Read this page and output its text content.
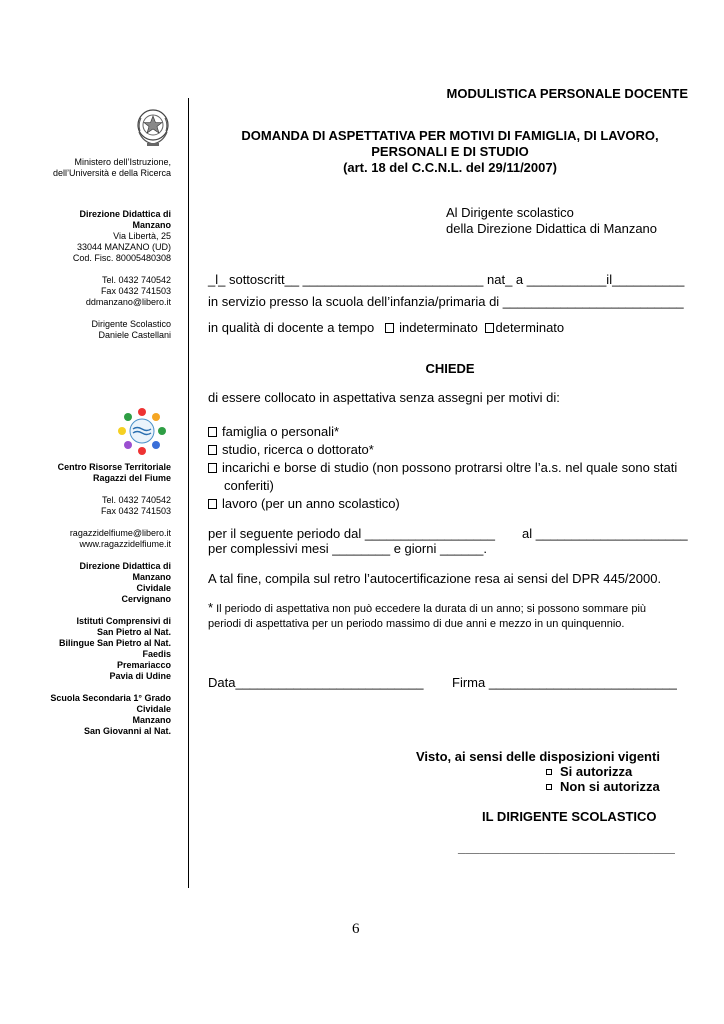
Ministero dell’Istruzione,
dell’Università e della Ricerca
Direzione Didattica di
Manzano
Via Libertà, 25
33044 MANZANO (UD)
Cod. Fisc. 80005480308
Tel. 0432 740542
Fax 0432 741503
ddmanzano@libero.it
Dirigente Scolastico
Daniele Castellani
Centro Risorse Territoriale
Ragazzi del Fiume
Tel. 0432 740542
Fax 0432 741503
ragazzidelfiume@libero.it
www.ragazzidelfiume.it
Direzione Didattica di
Manzano
Cividale
Cervignano
Istituti Comprensivi di
San Pietro al Nat.
Bilingue San Pietro al Nat.
Faedis
Premariacco
Pavia di Udine
Scuola Secondaria 1° Grado
Cividale
Manzano
San Giovanni al Nat.
MODULISTICA PERSONALE DOCENTE
DOMANDA DI ASPETTATIVA PER MOTIVI DI FAMIGLIA, DI LAVORO,
PERSONALI E DI STUDIO
(art. 18 del C.C.N.L. del 29/11/2007)
Al Dirigente scolastico
della Direzione Didattica di Manzano
_l_ sottoscritt__ _________________________ nat_ a ___________il__________
in servizio presso la scuola dell’infanzia/primaria di _________________________
in qualità di docente a tempo indeterminato determinato
CHIEDE
di essere collocato in aspettativa senza assegni per motivi di:
famiglia o personali*
studio, ricerca o dottorato*
incarichi e borse di studio (non possono protrarsi oltre l’a.s. nel quale sono stati
conferiti)
lavoro (per un anno scolastico)
per il seguente periodo dal __________________ al _____________________
per complessivi mesi ________ e giorni ______.
A tal fine, compila sul retro l’autocertificazione resa ai sensi del DPR 445/2000.
* Il periodo di aspettativa non può eccedere la durata di un anno; si possono sommare più
periodi di aspettativa per un periodo massimo di due anni e mezzo in un quinquennio.
Data__________________________ Firma __________________________
Visto, ai sensi delle disposizioni vigenti
Si autorizza
Non si autorizza
IL DIRIGENTE SCOLASTICO
______________________________
6
